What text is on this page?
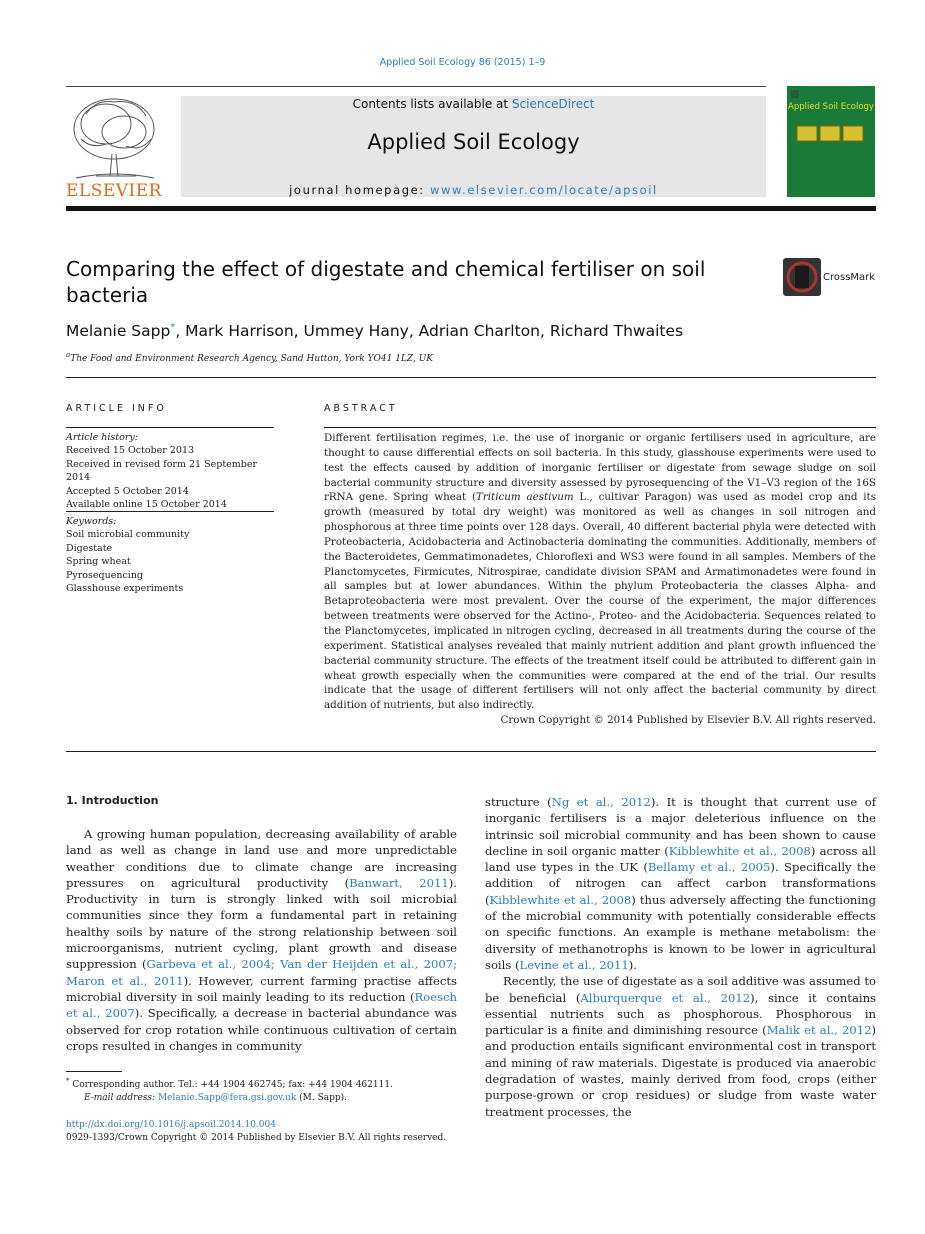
Applied Soil Ecology 86 (2015) 1–9
Contents lists available at ScienceDirect
Applied Soil Ecology
journal homepage: www.elsevier.com/locate/apsoil
ELSEVIER
Applied Soil Ecology
Comparing the effect of digestate and chemical fertiliser on soil bacteria
CrossMark
Melanie Sapp*, Mark Harrison, Ummey Hany, Adrian Charlton, Richard Thwaites
$^a$The Food and Environment Research Agency, Sand Hutton, York YO41 1LZ, UK
ARTICLE INFO	ABSTRACT
Article history:
Received 15 October 2013
Received in revised form 21 September 2014
Accepted 5 October 2014
Available online 15 October 2014
Keywords:
Soil microbial community
Digestate
Spring wheat
Pyrosequencing
Glasshouse experiments
Different fertilisation regimes, i.e. the use of inorganic or organic fertilisers used in agriculture, are thought to cause differential effects on soil bacteria. In this study, glasshouse experiments were used to test the effects caused by addition of inorganic fertiliser or digestate from sewage sludge on soil bacterial community structure and diversity assessed by pyrosequencing of the V1–V3 region of the 16S rRNA gene. Spring wheat (Triticum aestivum L., cultivar Paragon) was used as model crop and its growth (measured by total dry weight) was monitored as well as changes in soil nitrogen and phosphorous at three time points over 128 days. Overall, 40 different bacterial phyla were detected with Proteobacteria, Acidobacteria and Actinobacteria dominating the communities. Additionally, members of the Bacteroidetes, Gemmatimonadetes, Chloroflexi and WS3 were found in all samples. Members of the Planctomycetes, Firmicutes, Nitrospirae, candidate division SPAM and Armatimonadetes were found in all samples but at lower abundances. Within the phylum Proteobacteria the classes Alpha- and Betaproteobacteria were most prevalent. Over the course of the experiment, the major differences between treatments were observed for the Actino-, Proteo- and the Acidobacteria. Sequences related to the Planctomycetes, implicated in nitrogen cycling, decreased in all treatments during the course of the experiment. Statistical analyses revealed that mainly nutrient addition and plant growth influenced the bacterial community structure. The effects of the treatment itself could be attributed to different gain in wheat growth especially when the communities were compared at the end of the trial. Our results indicate that the usage of different fertilisers will not only affect the bacterial community by direct addition of nutrients, but also indirectly.
Crown Copyright © 2014 Published by Elsevier B.V. All rights reserved.
1. Introduction

A growing human population, decreasing availability of arable land as well as change in land use and more unpredictable weather conditions due to climate change are increasing pressures on agricultural productivity (Banwart, 2011). Productivity in turn is strongly linked with soil microbial communities since they form a fundamental part in retaining healthy soils by nature of the strong relationship between soil microorganisms, nutrient cycling, plant growth and disease suppression (Garbeva et al., 2004; Van der Heijden et al., 2007; Maron et al., 2011). However, current farming practise affects microbial diversity in soil mainly leading to its reduction (Roesch et al., 2007). Specifically, a decrease in bacterial abundance was observed for crop rotation while continuous cultivation of certain crops resulted in changes in community

structure (Ng et al., 2012). It is thought that current use of inorganic fertilisers is a major deleterious influence on the intrinsic soil microbial community and has been shown to cause decline in soil organic matter (Kibblewhite et al., 2008) across all land use types in the UK (Bellamy et al., 2005). Specifically the addition of nitrogen can affect carbon transformations (Kibblewhite et al., 2008) thus adversely affecting the functioning of the microbial community with potentially considerable effects on specific functions. An example is methane metabolism: the diversity of methanotrophs is known to be lower in agricultural soils (Levine et al., 2011).

Recently, the use of digestate as a soil additive was assumed to be beneficial (Alburquerque et al., 2012), since it contains essential nutrients such as phosphorous. Phosphorous in particular is a finite and diminishing resource (Malik et al., 2012) and production entails significant environmental cost in transport and mining of raw materials. Digestate is produced via anaerobic degradation of wastes, mainly derived from food, crops (either purpose-grown or crop residues) or sludge from waste water treatment processes, the

* Corresponding author. Tel.: +44 1904 462745; fax: +44 1904 462111.
E-mail address: Melanie.Sapp@fera.gsi.gov.uk (M. Sapp).
http://dx.doi.org/10.1016/j.apsoil.2014.10.004
0929-1393/Crown Copyright © 2014 Published by Elsevier B.V. All rights reserved.
